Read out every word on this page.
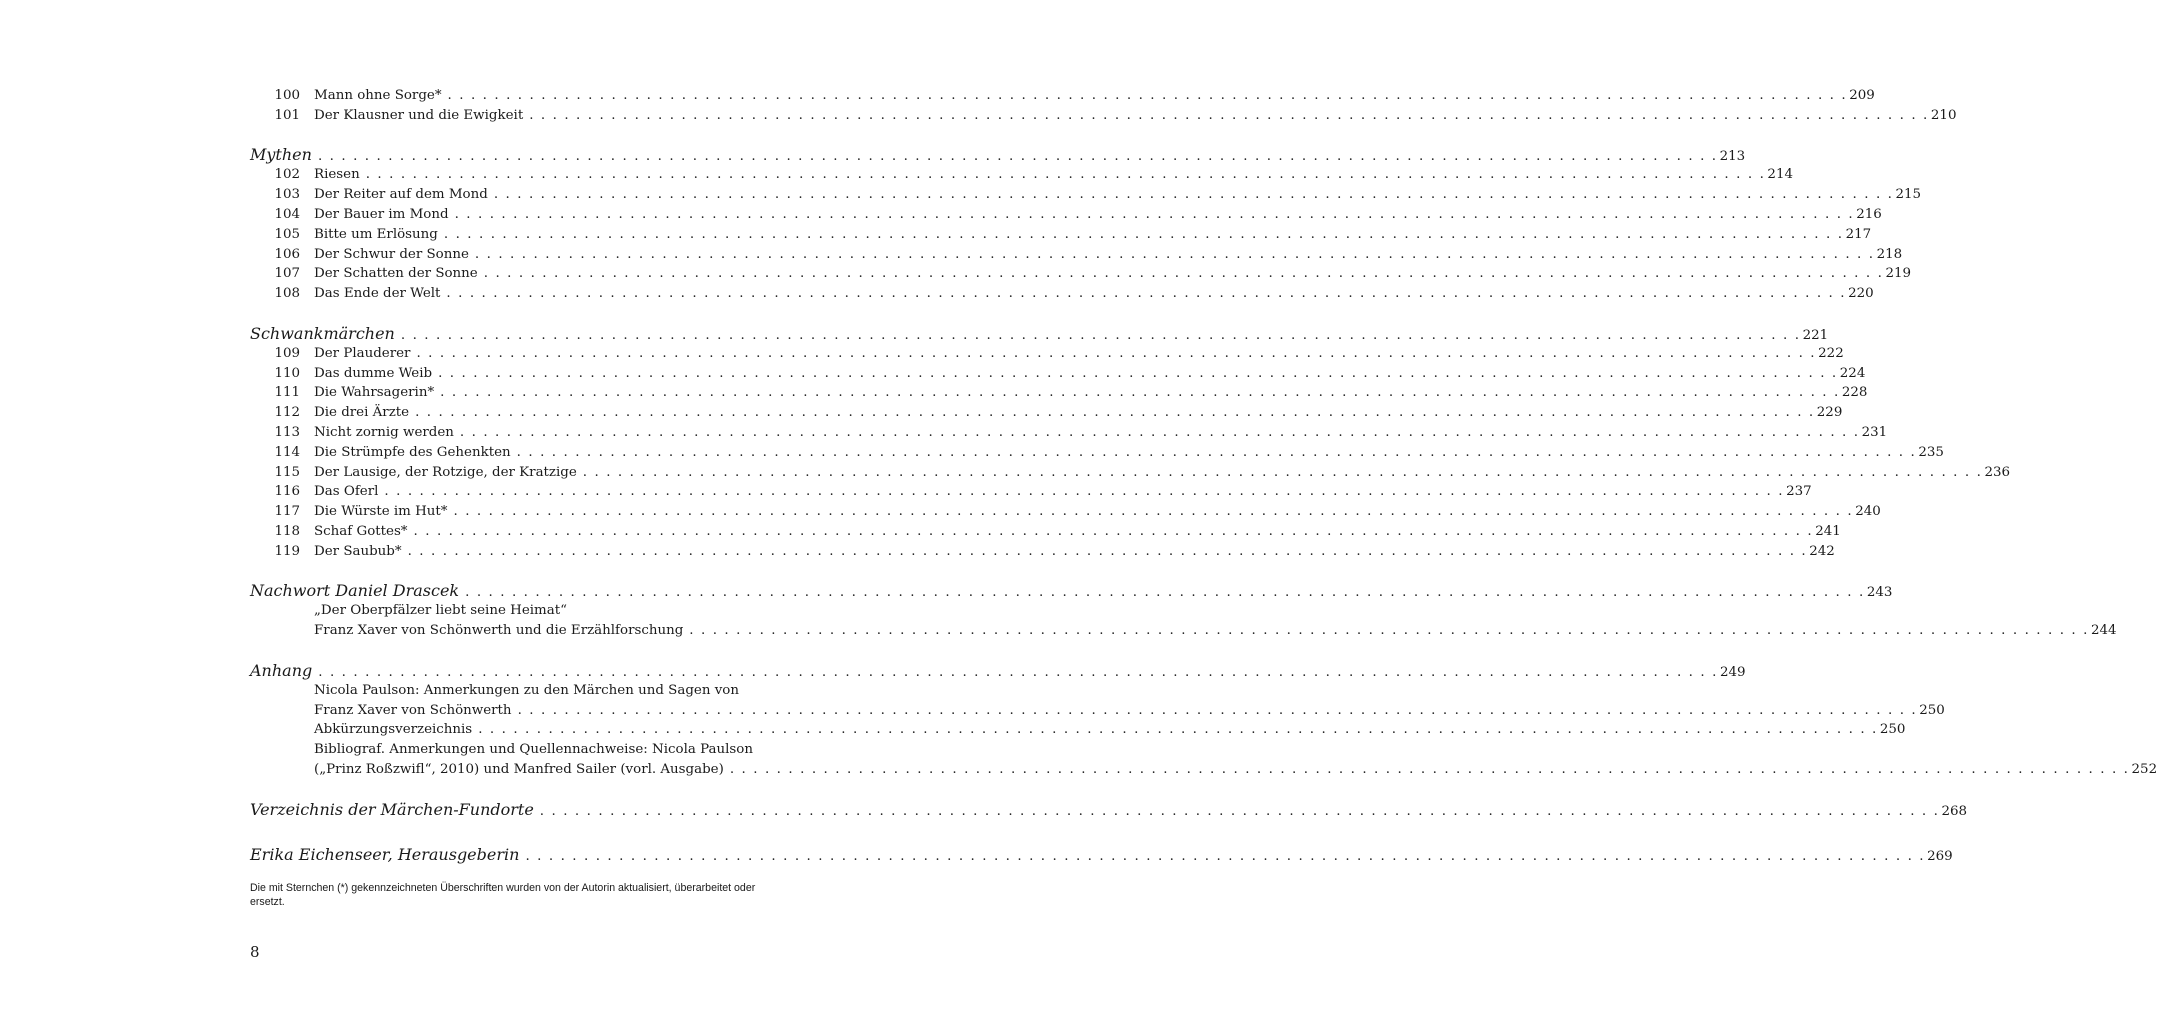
100 Mann ohne Sorge* . . . . . . . . . . . . . . . . . . . . . . . . . . . . . . . . . . . . . . . . . . . . . . . . . . . . . . . . . . . . . . . . . . . . . . . . . . . . . . . . . . . . . . . . . . . . . . . . . . . . . . . . . . . . . . . . . . . . . . . . 209
101 Der Klausner und die Ewigkeit . . . . . . . . . . . . . . . . . . . . . . . . . . . . . . . . . . . . . . . . . . . . . . . . . . . . . . . . . . . . . . . . . . . . . . . . . . . . . . . . . . . . . . . . . . . . . . . . . . . . . . . . . . . . . . . . . . . . . . . . 210
Mythen . . . . . . . . . . . . . . . . . . . . . . . . . . . . . . . . . . . . . . . . . . . . . . . . . . . . . . . . . . . . . . . . . . . . . . . . . . . . . . . . . . . . . . . . . . . . . . . . . . . . . . . . . . . . . . . . . . . . . . . . 213
102 Riesen . . . . . . . . . . . . . . . . . . . . . . . . . . . . . . . . . . . . . . . . . . . . . . . . . . . . . . . . . . . . . . . . . . . . . . . . . . . . . . . . . . . . . . . . . . . . . . . . . . . . . . . . . . . . . . . . . . . . . . . . 214
103 Der Reiter auf dem Mond . . . . . . . . . . . . . . . . . . . . . . . . . . . . . . . . . . . . . . . . . . . . . . . . . . . . . . . . . . . . . . . . . . . . . . . . . . . . . . . . . . . . . . . . . . . . . . . . . . . . . . . . . . . . . . . . . . . . . . . . 215
104 Der Bauer im Mond . . . . . . . . . . . . . . . . . . . . . . . . . . . . . . . . . . . . . . . . . . . . . . . . . . . . . . . . . . . . . . . . . . . . . . . . . . . . . . . . . . . . . . . . . . . . . . . . . . . . . . . . . . . . . . . . . . . . . . . . 216
105 Bitte um Erlösung . . . . . . . . . . . . . . . . . . . . . . . . . . . . . . . . . . . . . . . . . . . . . . . . . . . . . . . . . . . . . . . . . . . . . . . . . . . . . . . . . . . . . . . . . . . . . . . . . . . . . . . . . . . . . . . . . . . . . . . . 217
106 Der Schwur der Sonne . . . . . . . . . . . . . . . . . . . . . . . . . . . . . . . . . . . . . . . . . . . . . . . . . . . . . . . . . . . . . . . . . . . . . . . . . . . . . . . . . . . . . . . . . . . . . . . . . . . . . . . . . . . . . . . . . . . . . . . . 218
107 Der Schatten der Sonne . . . . . . . . . . . . . . . . . . . . . . . . . . . . . . . . . . . . . . . . . . . . . . . . . . . . . . . . . . . . . . . . . . . . . . . . . . . . . . . . . . . . . . . . . . . . . . . . . . . . . . . . . . . . . . . . . . . . . . . . 219
108 Das Ende der Welt . . . . . . . . . . . . . . . . . . . . . . . . . . . . . . . . . . . . . . . . . . . . . . . . . . . . . . . . . . . . . . . . . . . . . . . . . . . . . . . . . . . . . . . . . . . . . . . . . . . . . . . . . . . . . . . . . . . . . . . . 220
Schwankmärchen . . . . . . . . . . . . . . . . . . . . . . . . . . . . . . . . . . . . . . . . . . . . . . . . . . . . . . . . . . . . . . . . . . . . . . . . . . . . . . . . . . . . . . . . . . . . . . . . . . . . . . . . . . . . . . . . . . . . . . . . 221
109 Der Plauderer . . . . . . . . . . . . . . . . . . . . . . . . . . . . . . . . . . . . . . . . . . . . . . . . . . . . . . . . . . . . . . . . . . . . . . . . . . . . . . . . . . . . . . . . . . . . . . . . . . . . . . . . . . . . . . . . . . . . . . . . 222
110 Das dumme Weib . . . . . . . . . . . . . . . . . . . . . . . . . . . . . . . . . . . . . . . . . . . . . . . . . . . . . . . . . . . . . . . . . . . . . . . . . . . . . . . . . . . . . . . . . . . . . . . . . . . . . . . . . . . . . . . . . . . . . . . . 224
111 Die Wahrsagerin* . . . . . . . . . . . . . . . . . . . . . . . . . . . . . . . . . . . . . . . . . . . . . . . . . . . . . . . . . . . . . . . . . . . . . . . . . . . . . . . . . . . . . . . . . . . . . . . . . . . . . . . . . . . . . . . . . . . . . . . . 228
112 Die drei Ärzte . . . . . . . . . . . . . . . . . . . . . . . . . . . . . . . . . . . . . . . . . . . . . . . . . . . . . . . . . . . . . . . . . . . . . . . . . . . . . . . . . . . . . . . . . . . . . . . . . . . . . . . . . . . . . . . . . . . . . . . . 229
113 Nicht zornig werden . . . . . . . . . . . . . . . . . . . . . . . . . . . . . . . . . . . . . . . . . . . . . . . . . . . . . . . . . . . . . . . . . . . . . . . . . . . . . . . . . . . . . . . . . . . . . . . . . . . . . . . . . . . . . . . . . . . . . . . . 231
114 Die Strümpfe des Gehenkten . . . . . . . . . . . . . . . . . . . . . . . . . . . . . . . . . . . . . . . . . . . . . . . . . . . . . . . . . . . . . . . . . . . . . . . . . . . . . . . . . . . . . . . . . . . . . . . . . . . . . . . . . . . . . . . . . . . . . . . . 235
115 Der Lausige, der Rotzige, der Kratzige . . . . . . . . . . . . . . . . . . . . . . . . . . . . . . . . . . . . . . . . . . . . . . . . . . . . . . . . . . . . . . . . . . . . . . . . . . . . . . . . . . . . . . . . . . . . . . . . . . . . . . . . . . . . . . . . . . . . . . . . 236
116 Das Oferl . . . . . . . . . . . . . . . . . . . . . . . . . . . . . . . . . . . . . . . . . . . . . . . . . . . . . . . . . . . . . . . . . . . . . . . . . . . . . . . . . . . . . . . . . . . . . . . . . . . . . . . . . . . . . . . . . . . . . . . . 237
117 Die Würste im Hut* . . . . . . . . . . . . . . . . . . . . . . . . . . . . . . . . . . . . . . . . . . . . . . . . . . . . . . . . . . . . . . . . . . . . . . . . . . . . . . . . . . . . . . . . . . . . . . . . . . . . . . . . . . . . . . . . . . . . . . . . 240
118 Schaf Gottes* . . . . . . . . . . . . . . . . . . . . . . . . . . . . . . . . . . . . . . . . . . . . . . . . . . . . . . . . . . . . . . . . . . . . . . . . . . . . . . . . . . . . . . . . . . . . . . . . . . . . . . . . . . . . . . . . . . . . . . . . 241
119 Der Saubub* . . . . . . . . . . . . . . . . . . . . . . . . . . . . . . . . . . . . . . . . . . . . . . . . . . . . . . . . . . . . . . . . . . . . . . . . . . . . . . . . . . . . . . . . . . . . . . . . . . . . . . . . . . . . . . . . . . . . . . . . 242
Nachwort Daniel Drascek . . . . . . . . . . . . . . . . . . . . . . . . . . . . . . . . . . . . . . . . . . . . . . . . . . . . . . . . . . . . . . . . . . . . . . . . . . . . . . . . . . . . . . . . . . . . . . . . . . . . . . . . . . . . . . . . . . . . . . . . 243
„Der Oberpfälzer liebt seine Heimat“
Franz Xaver von Schönwerth und die Erzählforschung . . . . . . . . . . . . . . . . . . . . . . . . . . . . . . . . . . . . . . . . . . . . . . . . . . . . . . . . . . . . . . . . . . . . . . . . . . . . . . . . . . . . . . . . . . . . . . . . . . . . . . . . . . . . . . . . . . . . . . . . 244
Anhang . . . . . . . . . . . . . . . . . . . . . . . . . . . . . . . . . . . . . . . . . . . . . . . . . . . . . . . . . . . . . . . . . . . . . . . . . . . . . . . . . . . . . . . . . . . . . . . . . . . . . . . . . . . . . . . . . . . . . . . . 249
Nicola Paulson: Anmerkungen zu den Märchen und Sagen von
Franz Xaver von Schönwerth . . . . . . . . . . . . . . . . . . . . . . . . . . . . . . . . . . . . . . . . . . . . . . . . . . . . . . . . . . . . . . . . . . . . . . . . . . . . . . . . . . . . . . . . . . . . . . . . . . . . . . . . . . . . . . . . . . . . . . . . 250
Abkürzungsverzeichnis . . . . . . . . . . . . . . . . . . . . . . . . . . . . . . . . . . . . . . . . . . . . . . . . . . . . . . . . . . . . . . . . . . . . . . . . . . . . . . . . . . . . . . . . . . . . . . . . . . . . . . . . . . . . . . . . . . . . . . . . 250
Bibliograf. Anmerkungen und Quellennachweise: Nicola Paulson
(„Prinz Roßzwifl“, 2010) und Manfred Sailer (vorl. Ausgabe) . . . . . . . . . . . . . . . . . . . . . . . . . . . . . . . . . . . . . . . . . . . . . . . . . . . . . . . . . . . . . . . . . . . . . . . . . . . . . . . . . . . . . . . . . . . . . . . . . . . . . . . . . . . . . . . . . . . . . . . . 252
Verzeichnis der Märchen-Fundorte . . . . . . . . . . . . . . . . . . . . . . . . . . . . . . . . . . . . . . . . . . . . . . . . . . . . . . . . . . . . . . . . . . . . . . . . . . . . . . . . . . . . . . . . . . . . . . . . . . . . . . . . . . . . . . . . . . . . . . . . 268
Erika Eichenseer, Herausgeberin . . . . . . . . . . . . . . . . . . . . . . . . . . . . . . . . . . . . . . . . . . . . . . . . . . . . . . . . . . . . . . . . . . . . . . . . . . . . . . . . . . . . . . . . . . . . . . . . . . . . . . . . . . . . . . . . . . . . . . . . 269
Die mit Sternchen (*) gekennzeichneten Überschriften wurden von der Autorin aktualisiert, überarbeitet oder ersetzt.
8
